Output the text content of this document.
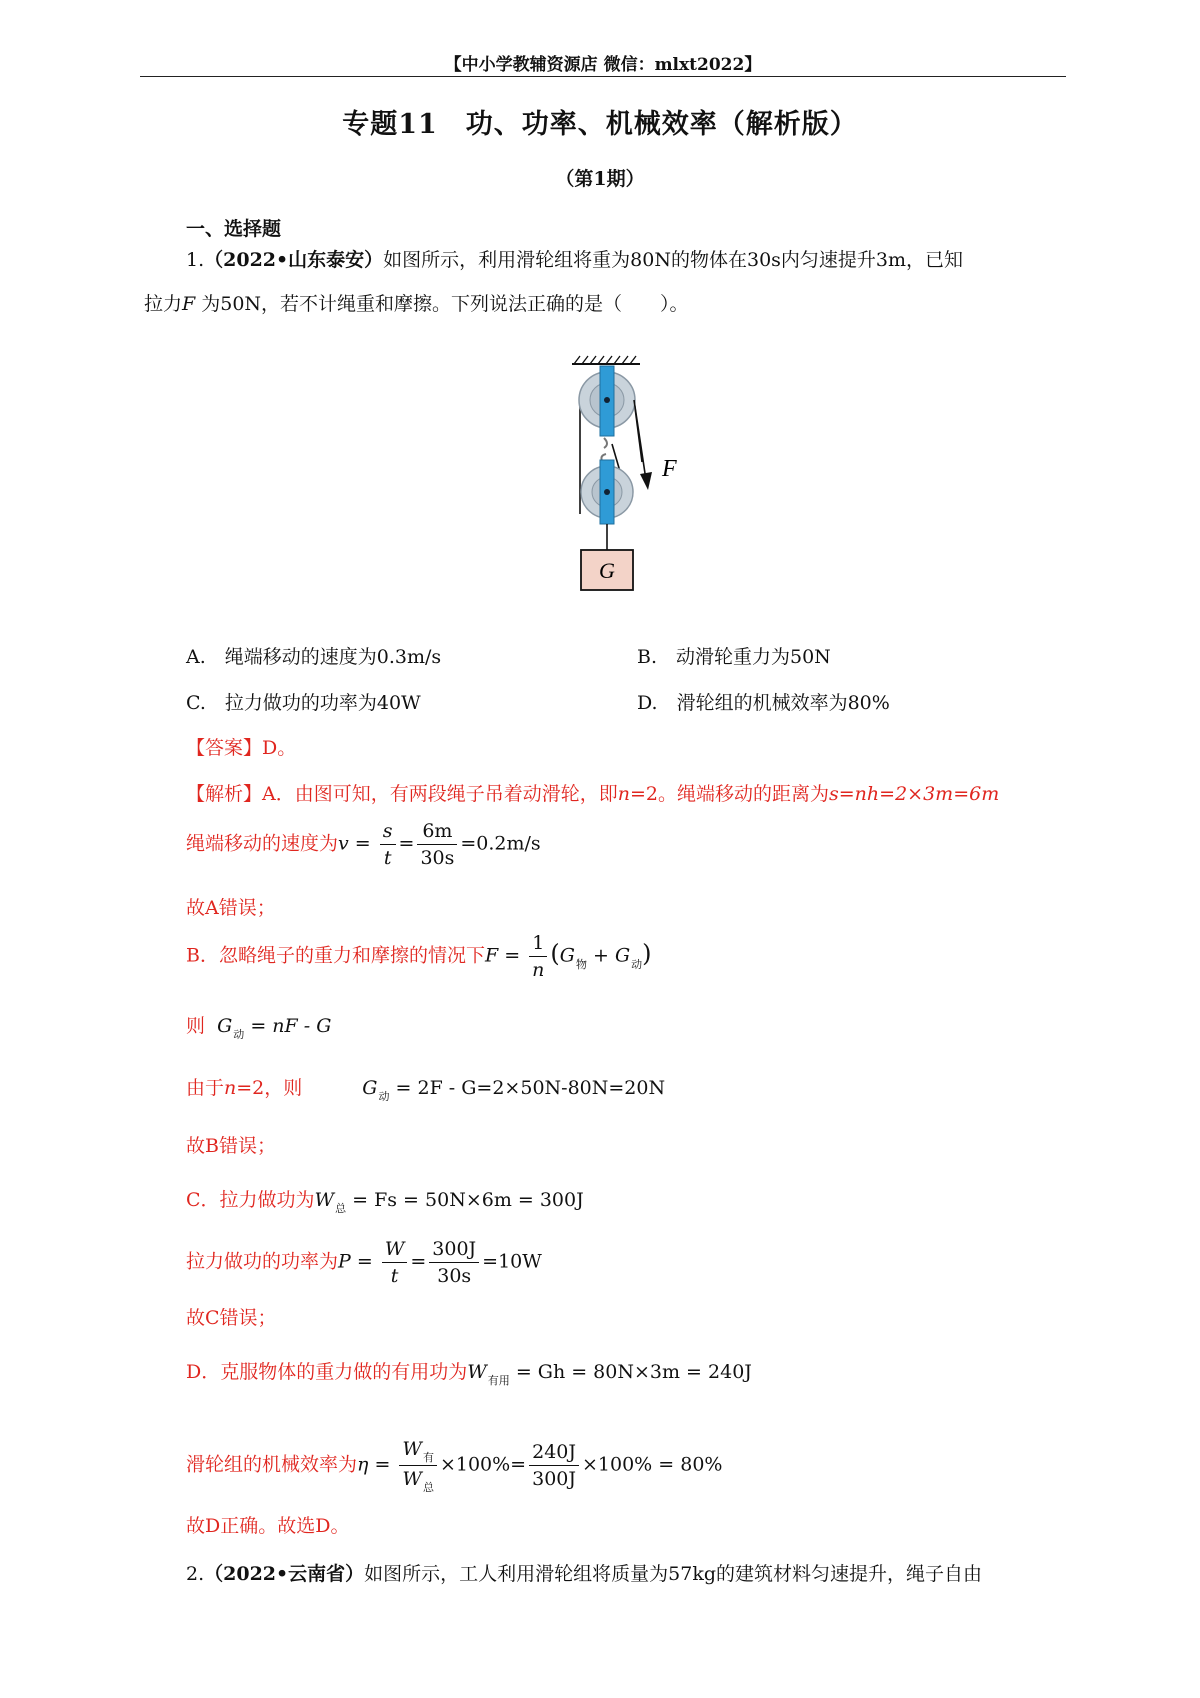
【中小学教辅资源店 微信：mlxt2022】
专题11　功、功率、机械效率（解析版）
（第1期）
一、选择题
1.（2022•山东泰安）如图所示，利用滑轮组将重为80N的物体在30s内匀速提升3m，已知
拉力F 为50N，若不计绳重和摩擦。下列说法正确的是（　　）。
F
G
A.　绳端移动的速度为0.3m/s	B.　动滑轮重力为50N
C.　拉力做功的功率为40W	D.　滑轮组的机械效率为80%
【答案】D。
【解析】A．由图可知，有两段绳子吊着动滑轮，即n=2。绳端移动的距离为s=nh=2×3m=6m
绳端移动的速度为$v = \frac{s}{t} = \frac{6m}{30s} =0.2m/s$
故A错误；
B．忽略绳子的重力和摩擦的情况下$F = \frac{1}{n} (G_物 + G_动)$
则 $G_动$ = nF - G
由于n=2，则	$G_动 = 2F - G=2\times 50N-80N=20N$
故B错误；
C．拉力做功为$W_总 = Fs = 50N\times 6m = 300J$
拉力做功的功率为$P = \frac{W}{t} = \frac{300J}{30s} =10W$
故C错误；
D．克服物体的重力做的有用功为$W_{有用} = Gh = 80N\times 3m = 240J$
滑轮组的机械效率为$\eta = \frac{W_有}{W_总} \times 100\%= \frac{240J}{300J} \times 100\% = 80\%$
故D正确。故选D。
2.（2022•云南省）如图所示，工人利用滑轮组将质量为57kg的建筑材料匀速提升，绳子自由
